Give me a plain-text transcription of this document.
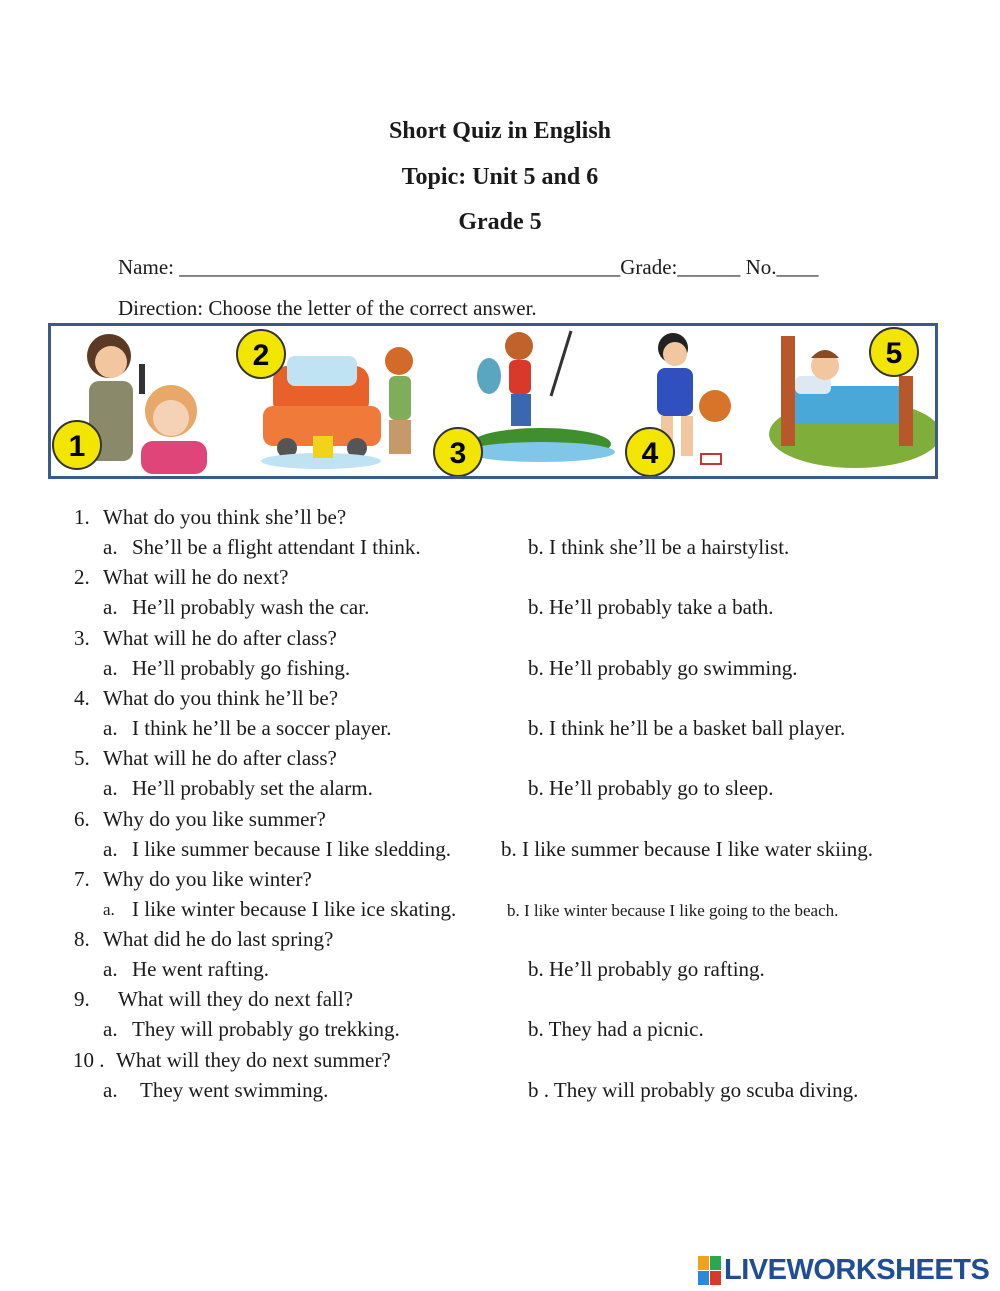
Short Quiz in English
Topic: Unit 5 and 6
Grade 5
Name: __________________________________________Grade:______ No.____
Direction: Choose the letter of the correct answer.
1
2
3	4
5
1. What do you think she’ll be?
a. She’ll be a flight attendant I think.	b. I think she’ll be a hairstylist.
2. What will he do next?
a. He’ll probably wash the car.	b. He’ll probably take a bath.
3. What will he do after class?
a. He’ll probably go fishing.	b. He’ll probably go swimming.
4. What do you think he’ll be?
a. I think he’ll be a soccer player.	b. I think he’ll be a basket ball player.
5. What will he do after class?
a. He’ll probably set the alarm.	b. He’ll probably go to sleep.
6. Why do you like summer?
a. I like summer because I like sledding. b. I like summer because I like water skiing.
7. Why do you like winter?
a. I like winter because I like ice skating.	b. I like winter because I like going to the beach.
8. What did he do last spring?
a. He went rafting.	b. He’ll probably go rafting.
9. What will they do next fall?
a. They will probably go trekking.	b. They had a picnic.
10 . What will they do next summer?
a. They went swimming.	b . They will probably go scuba diving.
LIVEWORKSHEETS
